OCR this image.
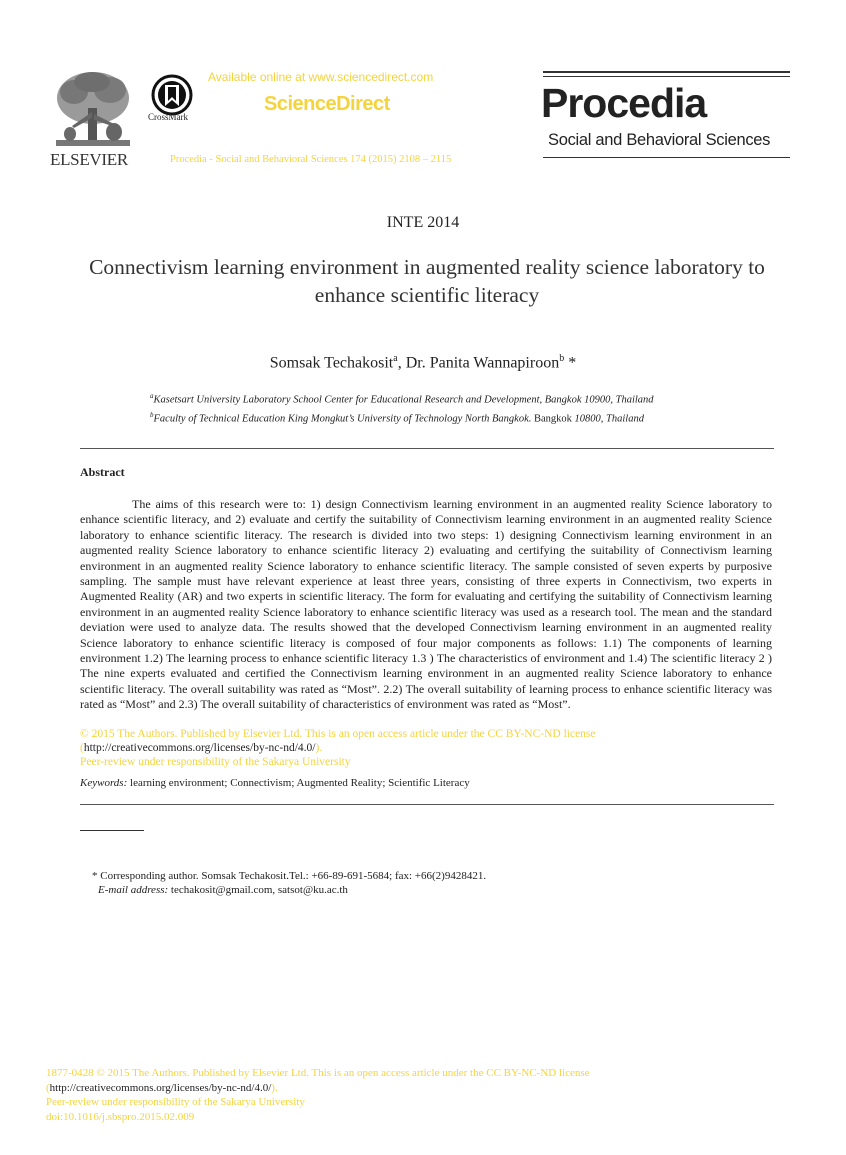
ELSEVIER
CrossMark
Available online at www.sciencedirect.com
ScienceDirect
Procedia - Social and Behavioral Sciences 174 (2015) 2108 – 2115
Procedia
Social and Behavioral Sciences
INTE 2014
Connectivism learning environment in augmented reality science laboratory to enhance scientific literacy
Somsak Techakosit$^a$, Dr. Panita Wannapiroon$^b$ *
$^a$Kasetsart University Laboratory School Center for Educational Research and Development, Bangkok 10900, Thailand
$^b$Faculty of Technical Education King Mongkut’s University of Technology North Bangkok. Bangkok 10800, Thailand
Abstract

The aims of this research were to: 1) design Connectivism learning environment in an augmented reality Science laboratory to enhance scientific literacy, and 2) evaluate and certify the suitability of Connectivism learning environment in an augmented reality Science laboratory to enhance scientific literacy. The research is divided into two steps: 1) designing Connectivism learning environment in an augmented reality Science laboratory to enhance scientific literacy 2) evaluating and certifying the suitability of Connectivism learning environment in an augmented reality Science laboratory to enhance scientific literacy. The sample consisted of seven experts by purposive sampling. The sample must have relevant experience at least three years, consisting of three experts in Connectivism, two experts in Augmented Reality (AR) and two experts in scientific literacy. The form for evaluating and certifying the suitability of Connectivism learning environment in an augmented reality Science laboratory to enhance scientific literacy was used as a research tool. The mean and the standard deviation were used to analyze data. The results showed that the developed Connectivism learning environment in an augmented reality Science laboratory to enhance scientific literacy is composed of four major components as follows: 1.1) The components of learning environment 1.2) The learning process to enhance scientific literacy 1.3 ) The characteristics of environment and 1.4) The scientific literacy 2 ) The nine experts evaluated and certified the Connectivism learning environment in an augmented reality Science laboratory to enhance scientific literacy. The overall suitability was rated as “Most”. 2.2) The overall suitability of learning process to enhance scientific literacy was rated as “Most” and 2.3) The overall suitability of characteristics of environment was rated as “Most”.

© 2015 The Authors. Published by Elsevier Ltd. This is an open access article under the CC BY-NC-ND license
(http://creativecommons.org/licenses/by-nc-nd/4.0/).
Peer-review under responsibility of the Sakarya University
Keywords: learning environment; Connectivism; Augmented Reality; Scientific Literacy
* Corresponding author. Somsak Techakosit.Tel.: +66-89-691-5684; fax: +66(2)9428421.
E-mail address: techakosit@gmail.com, satsot@ku.ac.th
1877-0428 © 2015 The Authors. Published by Elsevier Ltd. This is an open access article under the CC BY-NC-ND license
(http://creativecommons.org/licenses/by-nc-nd/4.0/).
Peer-review under responsibility of the Sakarya University
doi:10.1016/j.sbspro.2015.02.009
